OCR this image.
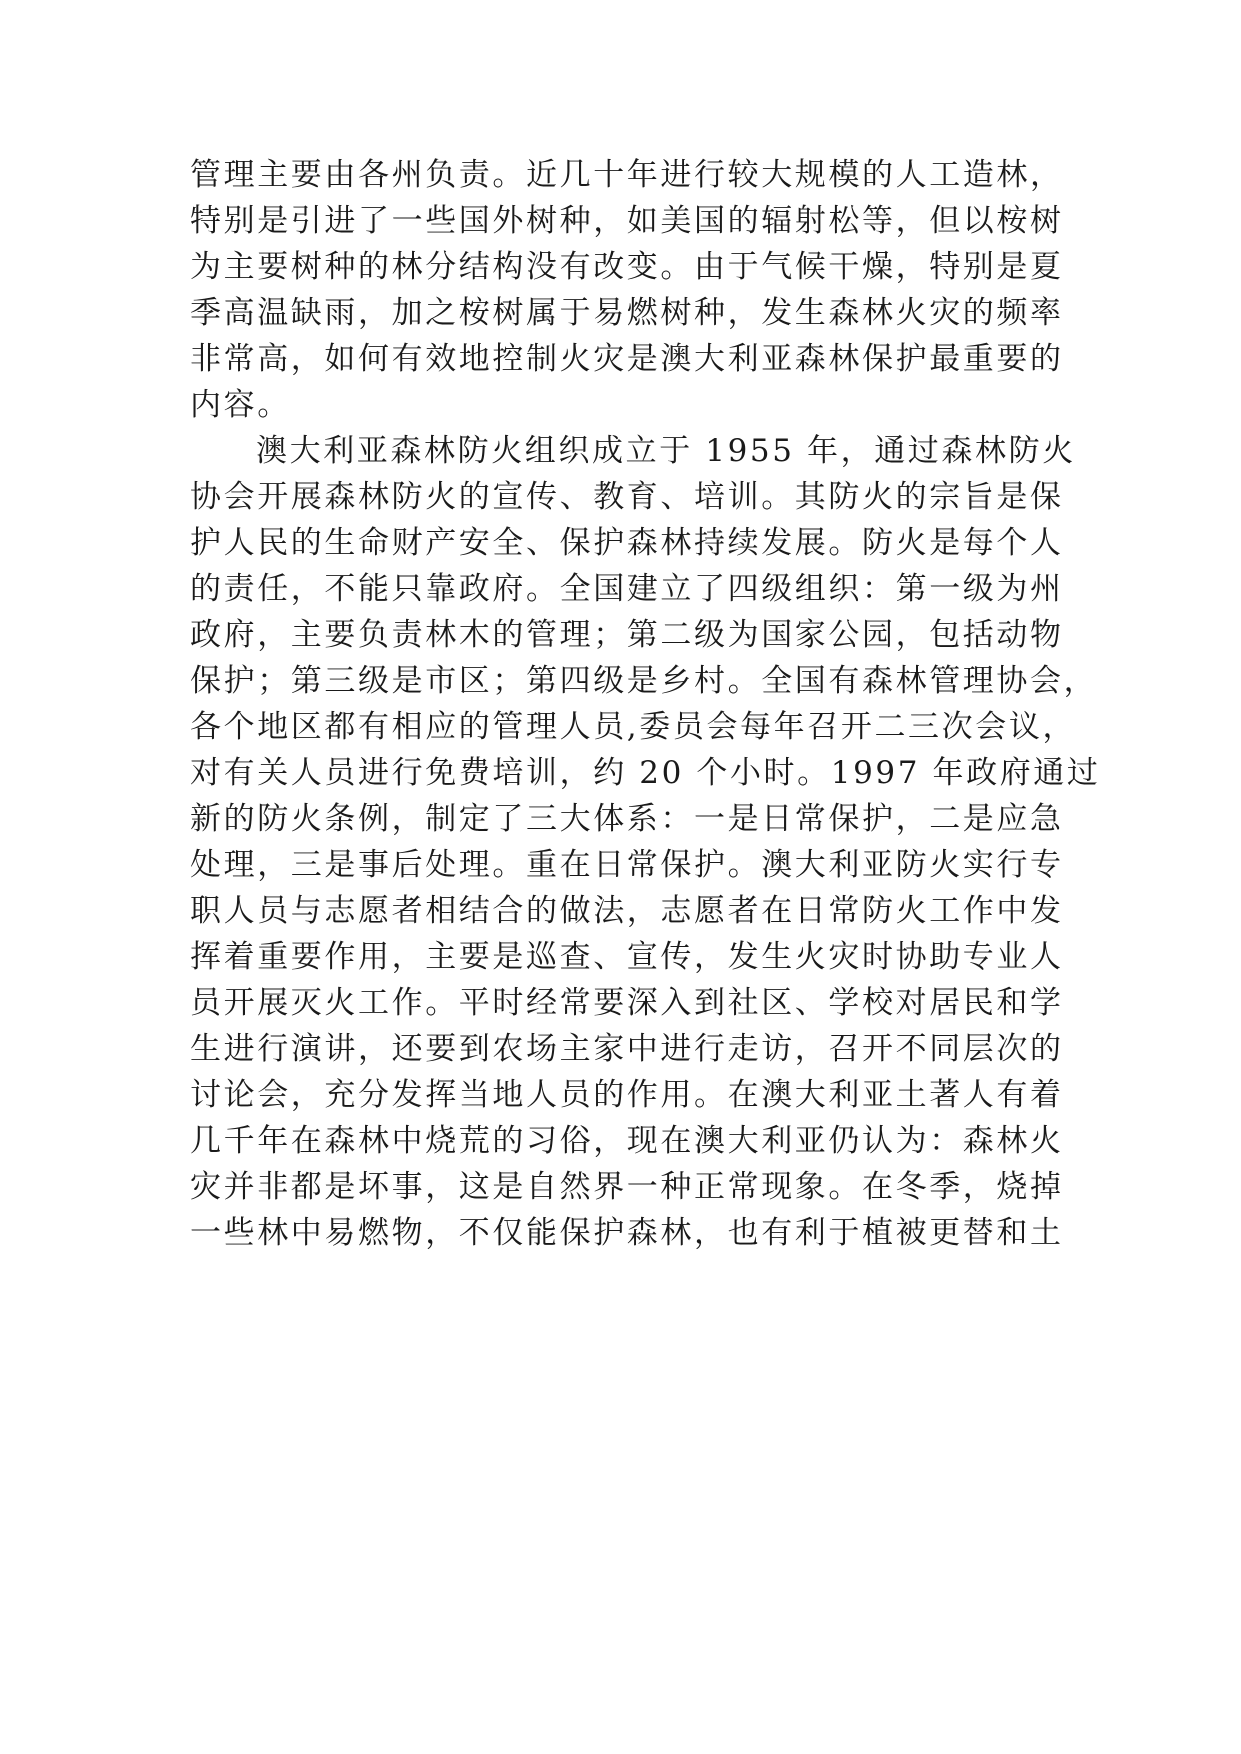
管理主要由各州负责。近几十年进行较大规模的人工造林，
特别是引进了一些国外树种，如美国的辐射松等，但以桉树
为主要树种的林分结构没有改变。由于气候干燥，特别是夏
季高温缺雨，加之桉树属于易燃树种，发生森林火灾的频率
非常高，如何有效地控制火灾是澳大利亚森林保护最重要的
内容。
澳大利亚森林防火组织成立于 1955 年，通过森林防火
协会开展森林防火的宣传、教育、培训。其防火的宗旨是保
护人民的生命财产安全、保护森林持续发展。防火是每个人
的责任，不能只靠政府。全国建立了四级组织：第一级为州
政府，主要负责林木的管理；第二级为国家公园，包括动物
保护；第三级是市区；第四级是乡村。全国有森林管理协会，
各个地区都有相应的管理人员,委员会每年召开二三次会议，
对有关人员进行免费培训，约 20 个小时。1997 年政府通过
新的防火条例，制定了三大体系：一是日常保护，二是应急
处理，三是事后处理。重在日常保护。澳大利亚防火实行专
职人员与志愿者相结合的做法，志愿者在日常防火工作中发
挥着重要作用，主要是巡查、宣传，发生火灾时协助专业人
员开展灭火工作。平时经常要深入到社区、学校对居民和学
生进行演讲，还要到农场主家中进行走访，召开不同层次的
讨论会，充分发挥当地人员的作用。在澳大利亚土著人有着
几千年在森林中烧荒的习俗，现在澳大利亚仍认为：森林火
灾并非都是坏事，这是自然界一种正常现象。在冬季，烧掉
一些林中易燃物，不仅能保护森林，也有利于植被更替和土
